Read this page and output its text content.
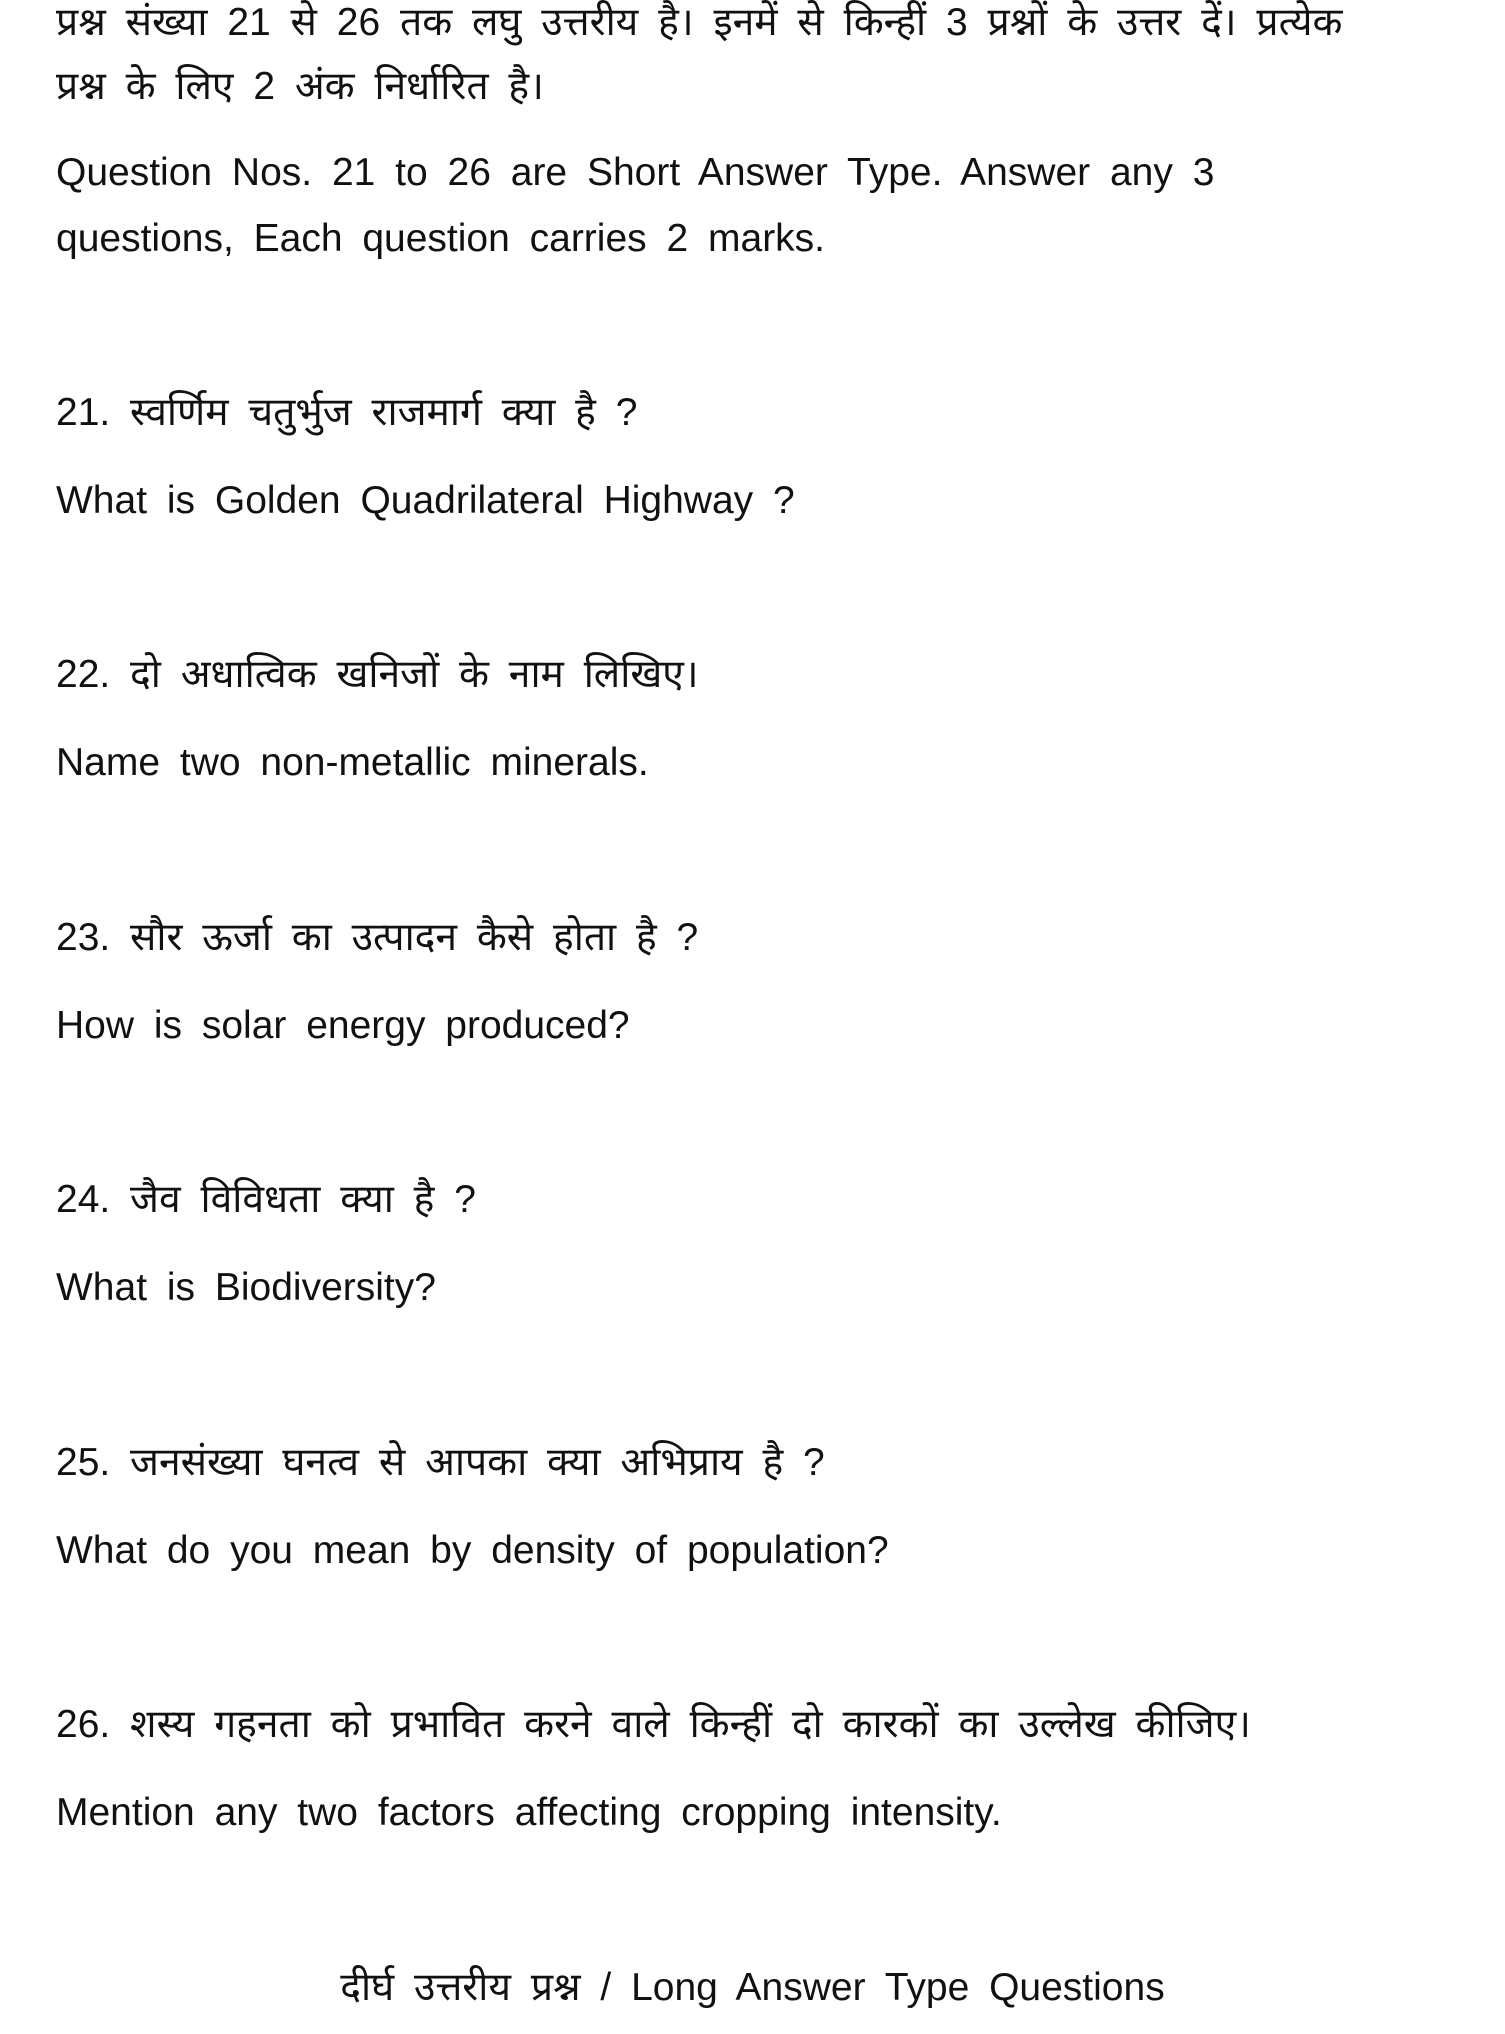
प्रश्न संख्या 21 से 26 तक लघु उत्तरीय है। इनमें से किन्हीं 3 प्रश्नों के उत्तर दें। प्रत्येक
प्रश्न के लिए 2 अंक निर्धारित है।
Question Nos. 21 to 26 are Short Answer Type. Answer any 3
questions, Each question carries 2 marks.
21. स्वर्णिम चतुर्भुज राजमार्ग क्या है ?
What is Golden Quadrilateral Highway ?
22. दो अधात्विक खनिजों के नाम लिखिए।
Name two non-metallic minerals.
23. सौर ऊर्जा का उत्पादन कैसे होता है ?
How is solar energy produced?
24. जैव विविधता क्या है ?
What is Biodiversity?
25. जनसंख्या घनत्व से आपका क्या अभिप्राय है ?
What do you mean by density of population?
26. शस्य गहनता को प्रभावित करने वाले किन्हीं दो कारकों का उल्लेख कीजिए।
Mention any two factors affecting cropping intensity.
दीर्घ उत्तरीय प्रश्न / Long Answer Type Questions
